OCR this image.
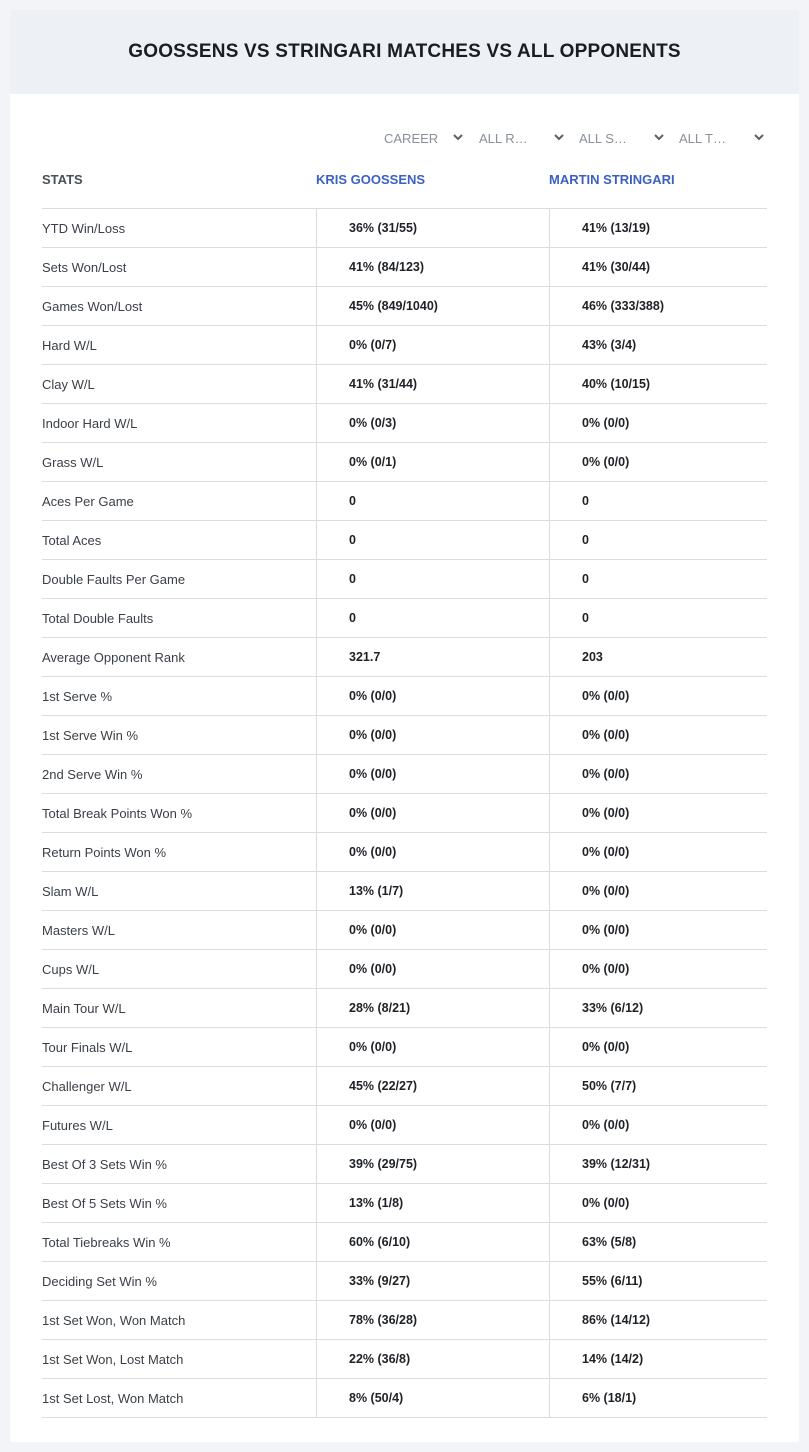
GOOSSENS VS STRINGARI MATCHES VS ALL OPPONENTS
CAREER	ALL R…	ALL S…	ALL T…
STATS	KRIS GOOSSENS	MARTIN STRINGARI
YTD Win/Loss	36% (31/55)	41% (13/19)
Sets Won/Lost	41% (84/123)	41% (30/44)
Games Won/Lost	45% (849/1040)	46% (333/388)
Hard W/L	0% (0/7)	43% (3/4)
Clay W/L	41% (31/44)	40% (10/15)
Indoor Hard W/L	0% (0/3)	0% (0/0)
Grass W/L	0% (0/1)	0% (0/0)
Aces Per Game	0	0
Total Aces	0	0
Double Faults Per Game	0	0
Total Double Faults	0	0
Average Opponent Rank	321.7	203
1st Serve %	0% (0/0)	0% (0/0)
1st Serve Win %	0% (0/0)	0% (0/0)
2nd Serve Win %	0% (0/0)	0% (0/0)
Total Break Points Won %	0% (0/0)	0% (0/0)
Return Points Won %	0% (0/0)	0% (0/0)
Slam W/L	13% (1/7)	0% (0/0)
Masters W/L	0% (0/0)	0% (0/0)
Cups W/L	0% (0/0)	0% (0/0)
Main Tour W/L	28% (8/21)	33% (6/12)
Tour Finals W/L	0% (0/0)	0% (0/0)
Challenger W/L	45% (22/27)	50% (7/7)
Futures W/L	0% (0/0)	0% (0/0)
Best Of 3 Sets Win %	39% (29/75)	39% (12/31)
Best Of 5 Sets Win %	13% (1/8)	0% (0/0)
Total Tiebreaks Win %	60% (6/10)	63% (5/8)
Deciding Set Win %	33% (9/27)	55% (6/11)
1st Set Won, Won Match	78% (36/28)	86% (14/12)
1st Set Won, Lost Match	22% (36/8)	14% (14/2)
1st Set Lost, Won Match	8% (50/4)	6% (18/1)
